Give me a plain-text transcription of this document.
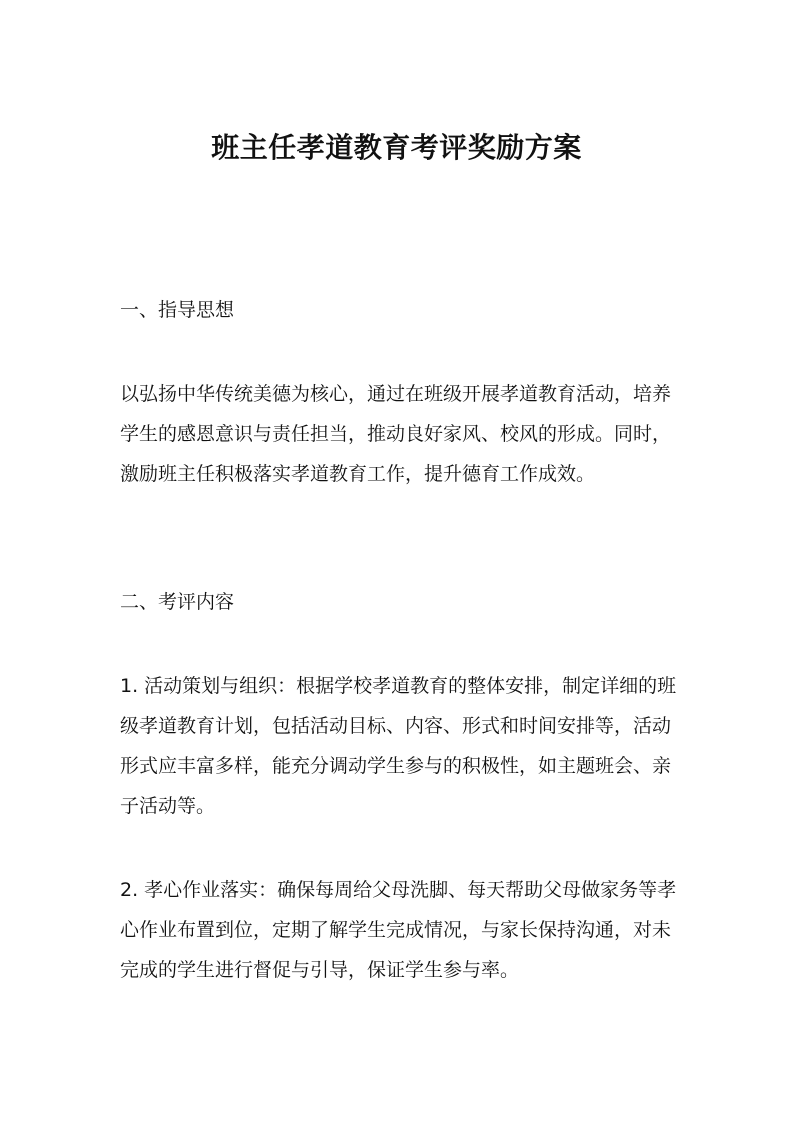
班主任孝道教育考评奖励方案
一、指导思想

以弘扬中华传统美德为核心，通过在班级开展孝道教育活动，培养学生的感恩意识与责任担当，推动良好家风、校风的形成。同时，激励班主任积极落实孝道教育工作，提升德育工作成效。

二、考评内容

1. 活动策划与组织：根据学校孝道教育的整体安排，制定详细的班级孝道教育计划，包括活动目标、内容、形式和时间安排等，活动形式应丰富多样，能充分调动学生参与的积极性，如主题班会、亲子活动等。

2. 孝心作业落实：确保每周给父母洗脚、每天帮助父母做家务等孝心作业布置到位，定期了解学生完成情况，与家长保持沟通，对未完成的学生进行督促与引导，保证学生参与率。
